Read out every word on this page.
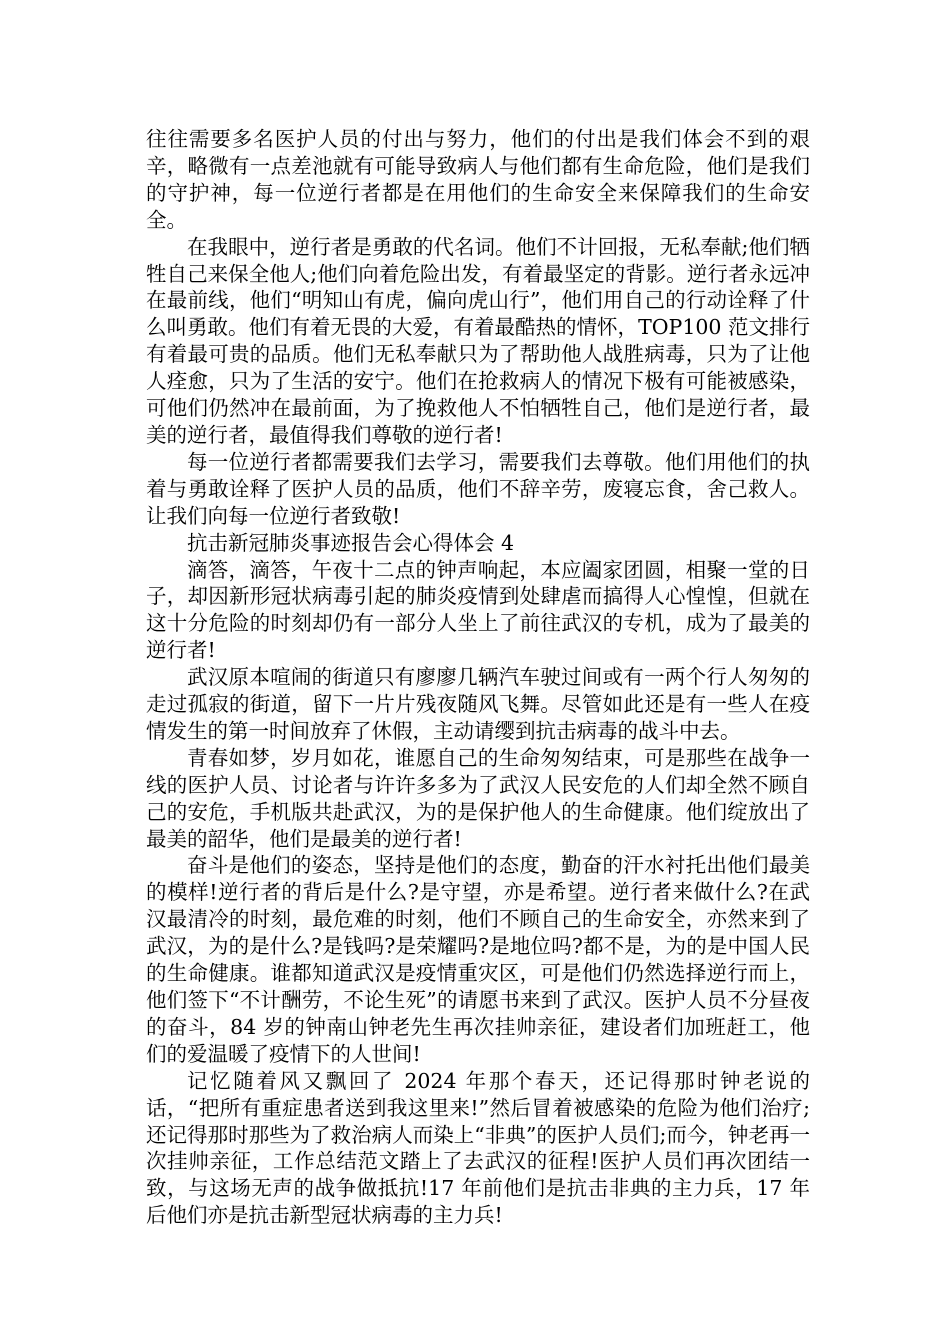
往往需要多名医护人员的付出与努力，他们的付出是我们体会不到的艰辛，略微有一点差池就有可能导致病人与他们都有生命危险，他们是我们的守护神，每一位逆行者都是在用他们的生命安全来保障我们的生命安全。

在我眼中，逆行者是勇敢的代名词。他们不计回报，无私奉献;他们牺牲自己来保全他人;他们向着危险出发，有着最坚定的背影。逆行者永远冲在最前线，他们“明知山有虎，偏向虎山行”，他们用自己的行动诠释了什么叫勇敢。他们有着无畏的大爱，有着最酷热的情怀，TOP100 范文排行有着最可贵的品质。他们无私奉献只为了帮助他人战胜病毒，只为了让他人痊愈，只为了生活的安宁。他们在抢救病人的情况下极有可能被感染，可他们仍然冲在最前面，为了挽救他人不怕牺牲自己，他们是逆行者，最美的逆行者，最值得我们尊敬的逆行者!

每一位逆行者都需要我们去学习，需要我们去尊敬。他们用他们的执着与勇敢诠释了医护人员的品质，他们不辞辛劳，废寝忘食，舍己救人。让我们向每一位逆行者致敬!

抗击新冠肺炎事迹报告会心得体会 4

滴答，滴答，午夜十二点的钟声响起，本应阖家团圆，相聚一堂的日子，却因新形冠状病毒引起的肺炎疫情到处肆虐而搞得人心惶惶，但就在这十分危险的时刻却仍有一部分人坐上了前往武汉的专机，成为了最美的逆行者!

武汉原本喧闹的街道只有廖廖几辆汽车驶过间或有一两个行人匆匆的走过孤寂的街道，留下一片片残夜随风飞舞。尽管如此还是有一些人在疫情发生的第一时间放弃了休假，主动请缨到抗击病毒的战斗中去。

青春如梦，岁月如花，谁愿自己的生命匆匆结束，可是那些在战争一线的医护人员、讨论者与许许多多为了武汉人民安危的人们却全然不顾自己的安危，手机版共赴武汉，为的是保护他人的生命健康。他们绽放出了最美的韶华，他们是最美的逆行者!

奋斗是他们的姿态，坚持是他们的态度，勤奋的汗水衬托出他们最美的模样!逆行者的背后是什么?是守望，亦是希望。逆行者来做什么?在武汉最清冷的时刻，最危难的时刻，他们不顾自己的生命安全，亦然来到了武汉，为的是什么?是钱吗?是荣耀吗?是地位吗?都不是，为的是中国人民的生命健康。谁都知道武汉是疫情重灾区，可是他们仍然选择逆行而上，他们签下“不计酬劳，不论生死”的请愿书来到了武汉。医护人员不分昼夜的奋斗，84 岁的钟南山钟老先生再次挂帅亲征，建设者们加班赶工，他们的爱温暖了疫情下的人世间!

记忆随着风又飘回了 2024 年那个春天，还记得那时钟老说的话，“把所有重症患者送到我这里来!”然后冒着被感染的危险为他们治疗;还记得那时那些为了救治病人而染上“非典”的医护人员们;而今，钟老再一次挂帅亲征，工作总结范文踏上了去武汉的征程!医护人员们再次团结一致，与这场无声的战争做抵抗!17 年前他们是抗击非典的主力兵，17 年后他们亦是抗击新型冠状病毒的主力兵!
